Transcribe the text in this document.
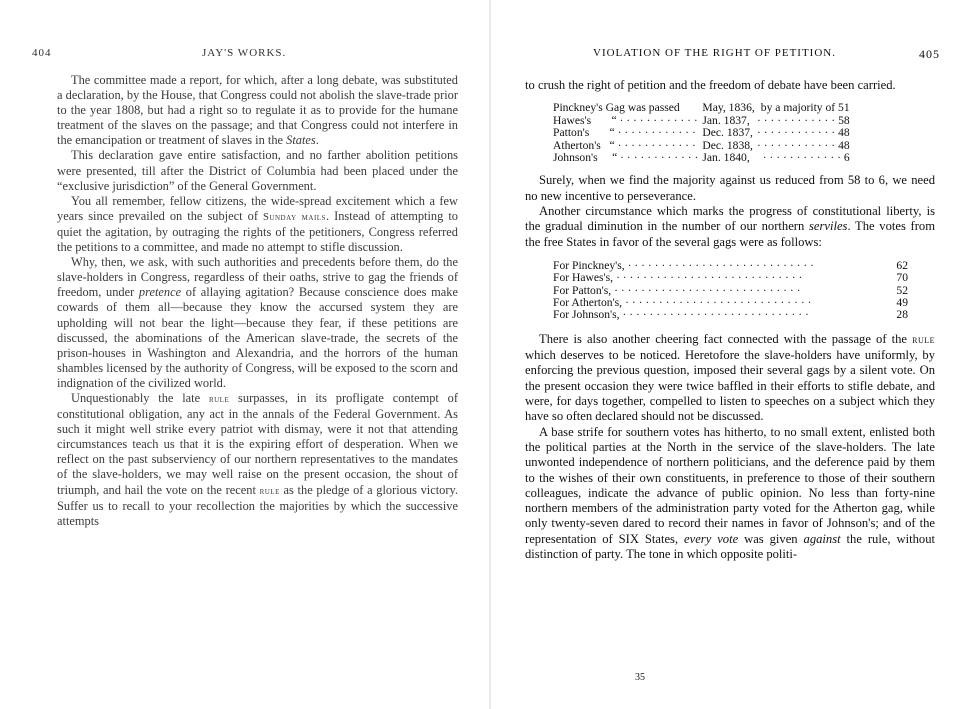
404	JAY'S WORKS.

The committee made a report, for which, after a long debate, was substituted a declaration, by the House, that Congress could not abolish the slave-trade prior to the year 1808, but had a right so to regulate it as to provide for the humane treatment of the slaves on the passage; and that Congress could not interfere in the emancipation or treatment of slaves in the States.

This declaration gave entire satisfaction, and no farther abolition petitions were presented, till after the District of Columbia had been placed under the “exclusive jurisdiction” of the General Government.

You all remember, fellow citizens, the wide-spread excitement which a few years since prevailed on the subject of Sunday mails. Instead of attempting to quiet the agitation, by outraging the rights of the petitioners, Congress referred the petitions to a committee, and made no attempt to stifle discussion.

Why, then, we ask, with such authorities and precedents before them, do the slave-holders in Congress, regardless of their oaths, strive to gag the friends of freedom, under pretence of allaying agitation? Because conscience does make cowards of them all—because they know the accursed system they are upholding will not bear the light—because they fear, if these petitions are discussed, the abominations of the American slave-trade, the secrets of the prison-houses in Washington and Alexandria, and the horrors of the human shambles licensed by the authority of Congress, will be exposed to the scorn and indignation of the civilized world.

Unquestionably the late rule surpasses, in its profligate contempt of constitutional obligation, any act in the annals of the Federal Government. As such it might well strike every patriot with dismay, were it not that attending circumstances teach us that it is the expiring effort of desperation. When we reflect on the past subserviency of our northern representatives to the mandates of the slave-holders, we may well raise on the present occasion, the shout of triumph, and hail the vote on the recent rule as the pledge of a glorious victory. Suffer us to recall to your recollection the majorities by which the successive attempts

VIOLATION OF THE RIGHT OF PETITION.	405

to crush the right of petition and the freedom of debate have been carried.

Pinckney's Gag was passed	May, 1836,	by a majority of 51
Hawes's “ · · · · · · · · · · · ·	Jan. 1837,	· · · · · · · · · · · · 58
Patton's “ · · · · · · · · · · · ·	Dec. 1837,	· · · · · · · · · · · · 48
Atherton's “ · · · · · · · · · · · ·	Dec. 1838,	· · · · · · · · · · · · 48
Johnson's “ · · · · · · · · · · · ·	Jan. 1840,	· · · · · · · · · · · · 6

Surely, when we find the majority against us reduced from 58 to 6, we need no new incentive to perseverance.

Another circumstance which marks the progress of constitutional liberty, is the gradual diminution in the number of our northern serviles. The votes from the free States in favor of the several gags were as follows:

For Pinckney's, · · · · · · · · · · · · · · · · · · · · · · · · · · · ·	62
For Hawes's, · · · · · · · · · · · · · · · · · · · · · · · · · · · ·	70
For Patton's, · · · · · · · · · · · · · · · · · · · · · · · · · · · ·	52
For Atherton's, · · · · · · · · · · · · · · · · · · · · · · · · · · · ·	49
For Johnson's, · · · · · · · · · · · · · · · · · · · · · · · · · · · ·	28

There is also another cheering fact connected with the passage of the rule which deserves to be noticed. Heretofore the slave-holders have uniformly, by enforcing the previous question, imposed their several gags by a silent vote. On the present occasion they were twice baffled in their efforts to stifle debate, and were, for days together, compelled to listen to speeches on a subject which they have so often declared should not be discussed.

A base strife for southern votes has hitherto, to no small extent, enlisted both the political parties at the North in the service of the slave-holders. The late unwonted independence of northern politicians, and the deference paid by them to the wishes of their own constituents, in preference to those of their southern colleagues, indicate the advance of public opinion. No less than forty-nine northern members of the administration party voted for the Atherton gag, while only twenty-seven dared to record their names in favor of Johnson's; and of the representation of SIX States, every vote was given against the rule, without distinction of party. The tone in which opposite politi-

35
